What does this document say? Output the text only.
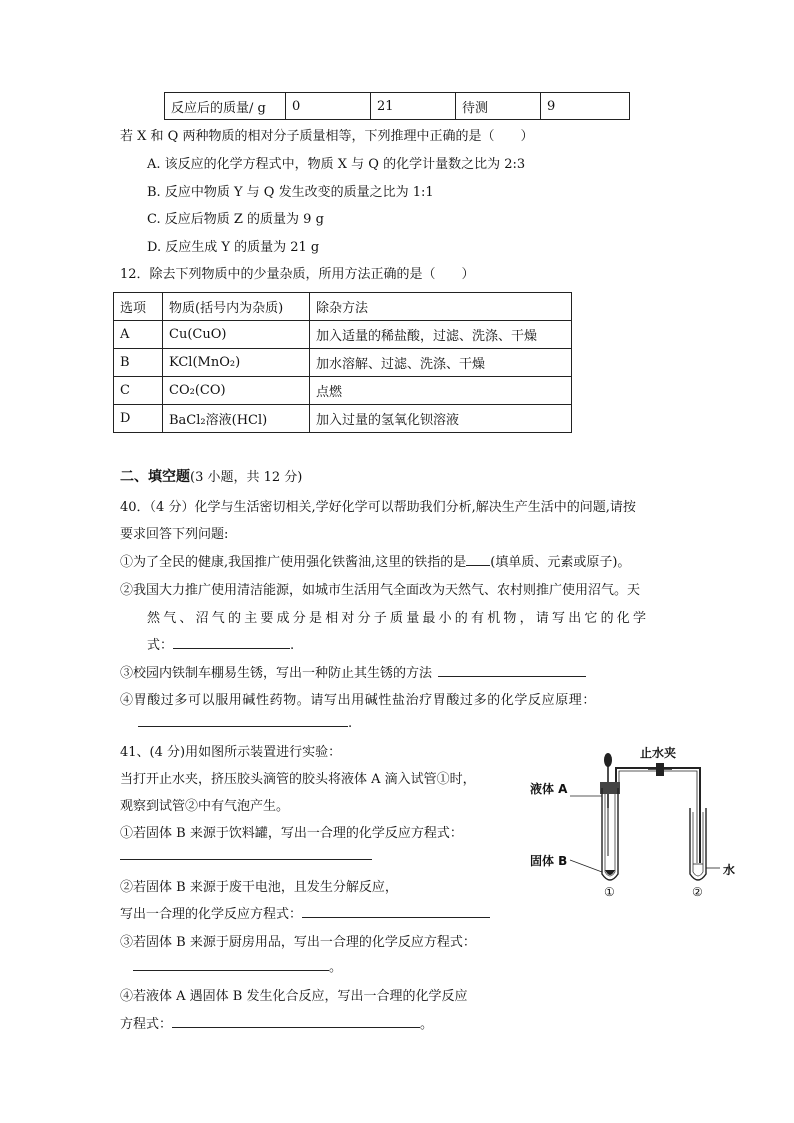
反应后的质量/ g	0	21	待测	9
若 X 和 Q 两种物质的相对分子质量相等，下列推理中正确的是（　　）
A. 该反应的化学方程式中，物质 X 与 Q 的化学计量数之比为 2:3
B. 反应中物质 Y 与 Q 发生改变的质量之比为 1:1
C. 反应后物质 Z 的质量为 9 g
D. 反应生成 Y 的质量为 21 g
12．除去下列物质中的少量杂质，所用方法正确的是（　　）
选项	物质(括号内为杂质)	除杂方法
A	Cu(CuO)	加入适量的稀盐酸，过滤、洗涤、干燥
B	KCl(MnO₂)	加水溶解、过滤、洗涤、干燥
C	CO₂(CO)	点燃
D	BaCl₂溶液(HCl)	加入过量的氢氧化钡溶液
二、填空题(3 小题，共 12 分)
40．（4 分）化学与生活密切相关,学好化学可以帮助我们分析,解决生产生活中的问题,请按
要求回答下列问题:
①为了全民的健康,我国推广使用强化铁酱油,这里的铁指的是 (填单质、元素或原子)。
②我国大力推广使用清洁能源，如城市生活用气全面改为天然气、农村则推广使用沼气。天
然气、沼气的主要成分是相对分子质量最小的有机物，请写出它的化学
式：	.
③校园内铁制车棚易生锈，写出一种防止其生锈的方法
④胃酸过多可以服用碱性药物。请写出用碱性盐治疗胃酸过多的化学反应原理：
.
41、(4 分)用如图所示装置进行实验：
当打开止水夹，挤压胶头滴管的胶头将液体 A 滴入试管①时，
观察到试管②中有气泡产生。
①若固体 B 来源于饮料罐，写出一合理的化学反应方程式：
②若固体 B 来源于废干电池，且发生分解反应，
写出一合理的化学反应方程式：
③若固体 B 来源于厨房用品，写出一合理的化学反应方程式：
。
④若液体 A 遇固体 B 发生化合反应，写出一合理的化学反应
方程式：	。
止水夹
液体 A
固体 B
水
①	②
